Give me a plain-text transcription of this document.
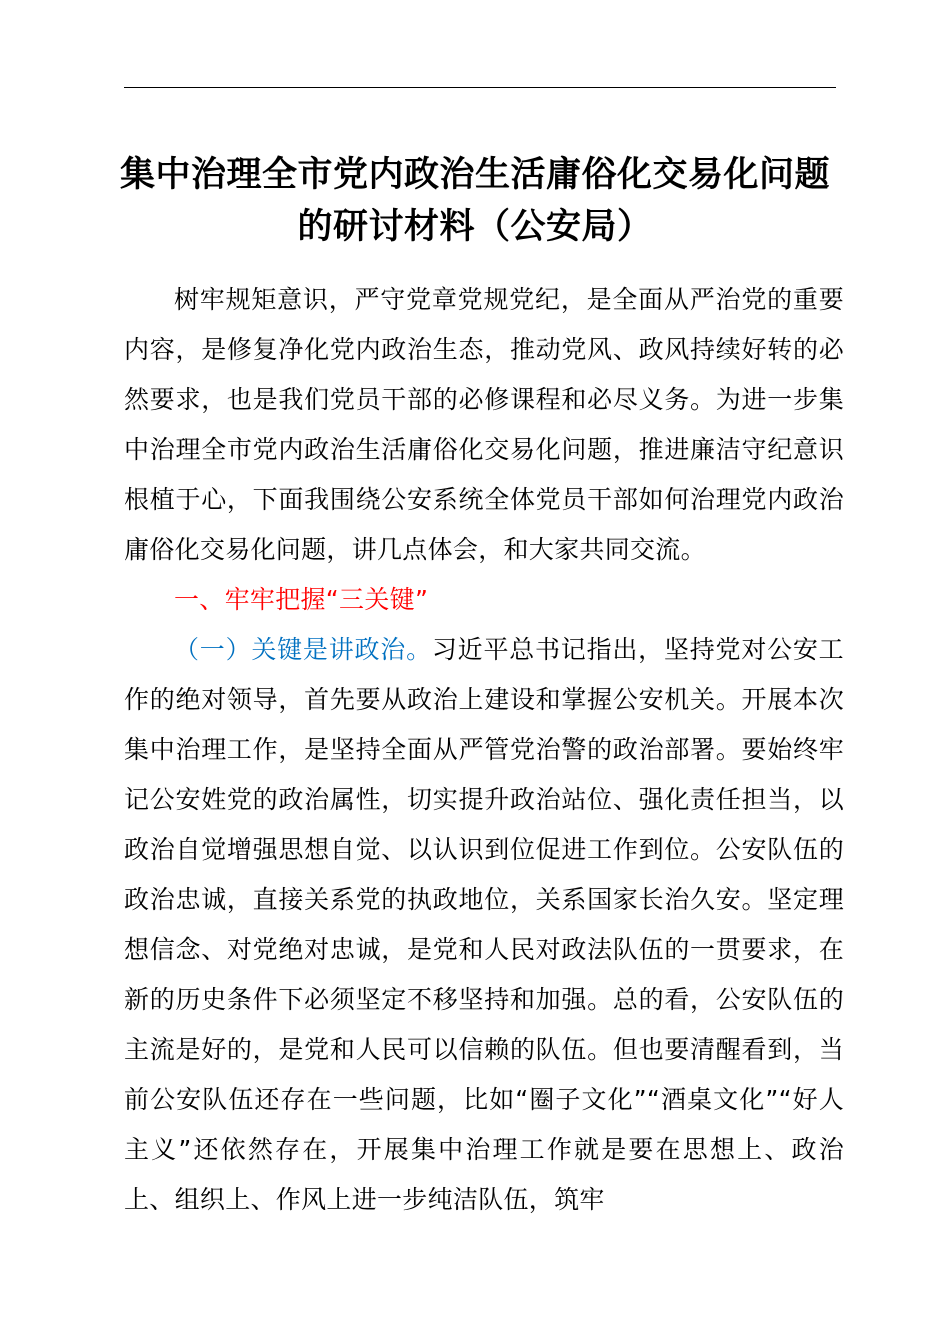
集中治理全市党内政治生活庸俗化交易化问题
的研讨材料（公安局）

树牢规矩意识，严守党章党规党纪，是全面从严治党的重要内容，是修复净化党内政治生态，推动党风、政风持续好转的必然要求，也是我们党员干部的必修课程和必尽义务。为进一步集中治理全市党内政治生活庸俗化交易化问题，推进廉洁守纪意识根植于心，下面我围绕公安系统全体党员干部如何治理党内政治庸俗化交易化问题，讲几点体会，和大家共同交流。

一、牢牢把握“三关键”

（一）关键是讲政治。习近平总书记指出，坚持党对公安工作的绝对领导，首先要从政治上建设和掌握公安机关。开展本次集中治理工作，是坚持全面从严管党治警的政治部署。要始终牢记公安姓党的政治属性，切实提升政治站位、强化责任担当，以政治自觉增强思想自觉、以认识到位促进工作到位。公安队伍的政治忠诚，直接关系党的执政地位，关系国家长治久安。坚定理想信念、对党绝对忠诚，是党和人民对政法队伍的一贯要求，在新的历史条件下必须坚定不移坚持和加强。总的看，公安队伍的主流是好的，是党和人民可以信赖的队伍。但也要清醒看到，当前公安队伍还存在一些问题，比如“圈子文化”“酒桌文化”“好人主义”还依然存在，开展集中治理工作就是要在思想上、政治上、组织上、作风上进一步纯洁队伍，筑牢
